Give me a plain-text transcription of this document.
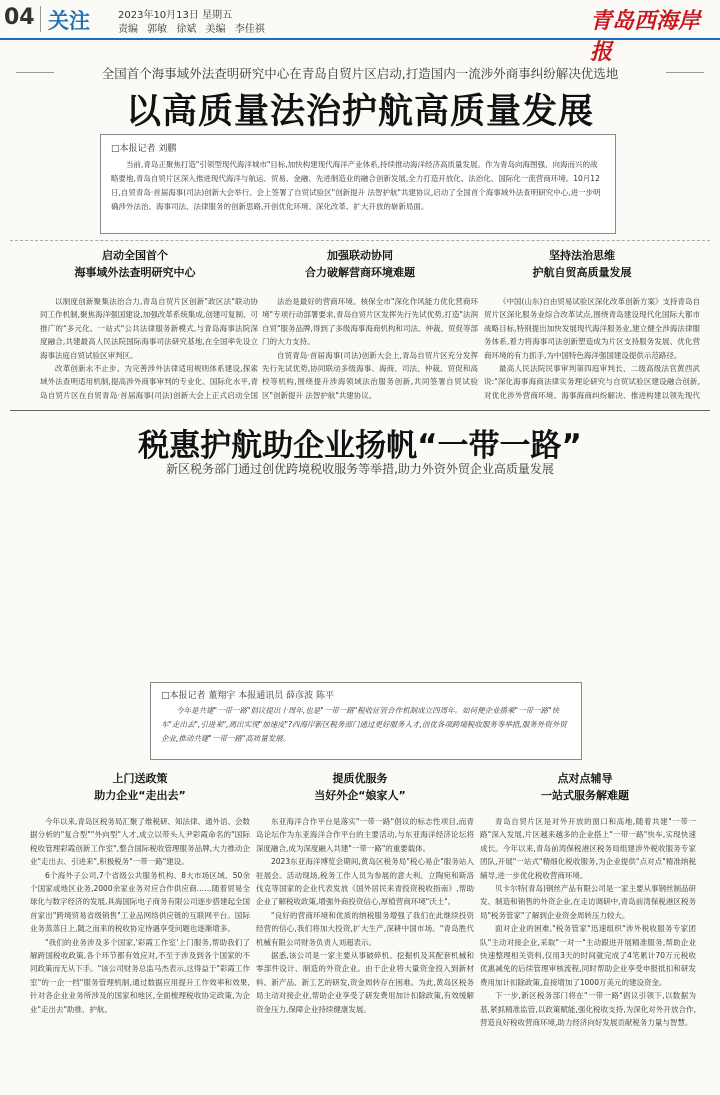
04 关注	2023年10月13日 星期五
责编 郭敏 徐斌 美编 李佳祺	青岛西海岸报
全国首个海事域外法查明研究中心在青岛自贸片区启动,打造国内一流涉外商事纠纷解决优选地
以高质量法治护航高质量发展
□本报记者 刘鹏
当前,青岛正聚焦打造"引领型现代海洋城市"目标,加快构建现代海洋产业体系,持续推动海洋经济高质量发展。作为青岛向海图强、向海而兴的战略要地,青岛自贸片区深入推进现代海洋与航运、贸易、金融、先进制造业的融合创新发展,全力打造开放化、法治化、国际化一流营商环境。10月12日,自贸青岛·首届海事(司法)创新大会举行。会上签署了自贸试验区"创新提升 法智护航"共建协议,启动了全国首个海事域外法查明研究中心,进一步明确涉外法治、海事司法、法律服务的创新思路,开创优化环境、深化改革、扩大开放的崭新局面。
启动全国首个
海事域外法查明研究中心
加强联动协同
合力破解营商环境难题
坚持法治思维
护航自贸高质量发展

以制度创新聚集法治合力,青岛自贸片区创新"政区法"联动协同工作机制,聚焦海洋强国建设,加强改革系统集成,创建可复制、可推广的"多元化、一站式"公共法律服务新模式,与青岛海事法院深度融合,共建最高人民法院国际海事司法研究基地,在全国率先设立海事法庭自贸试验区审判区。

改革创新永不止步。为完善涉外法律适用规则体系建设,探索域外法查明适用机制,提高涉外商事审判的专业化、国际化水平,青岛自贸片区在自贸青岛·首届海事(司法)创新大会上正式启动全国

法治是最好的营商环境。核保全市"深化作风能力优化营商环境"专项行动部署要求,青岛自贸片区发挥先行先试优势,打造"法润自贸"服务品牌,得到了多级海事海商机构和司法、仲裁、贸促等部门的大力支持。

自贸青岛·首届海事(司法)创新大会上,青岛自贸片区充分发挥先行先试优势,协同联动多级海事、海商、司法、仲裁、贸促和高校等机构,围绕提升涉海领域法治服务创新,共同签署自贸试验区"创新提升 法智护航"共建协议。

《中国(山东)自由贸易试验区深化改革创新方案》支持青岛自贸片区深化服务业综合改革试点,围绕青岛建设现代化国际大都市战略目标,特别提出加快发展现代海洋服务业,建立健全涉海法律服务体系,着力将海事司法创新塑造成为片区支持服务发展、优化营商环境的有力抓手,为中国特色海洋强国建设提供示范路径。

最高人民法院民事审判第四庭审判长、二级高级法官黄西武说:"深化海事海商法律实务理论研究与自贸试验区建设融合创新,对优化涉外营商环境、海事海商纠纷解决、推进构建以领先现代

税惠护航助企业扬帆“一带一路”
新区税务部门通过创优跨境税收服务等举措,助力外资外贸企业高质量发展
□本报记者 董翔宇 本报通讯员 薛彦波 陈平
今年是共建"一带一路"倡议提出十周年,也是"一带一路"税收征管合作机制成立四周年。如何便企业搭乘"一带一路"快车"走出去",引进来",离出实现"加速度"?西海岸新区税务部门通过更好服务人才,创优各项跨境税收服务等举措,服务外资外贸企业,推动共建"一带一路"高质量发展。
上门送政策
助力企业“走出去”
提质优服务
当好外企“娘家人”
点对点辅导
一站式服务解难题

今年以来,青岛区税务局汇聚了维税研、知法律、通外语、会数据分析的"复合型""外向型"人才,成立以带头人尹彩霞命名的"国际税收管理彩霞创新工作室",整合国际税收管理服务品牌,大力推动企业"走出去、引进来",积极税务"一带一路"建设。

6个海外子公司,7个省级公共服务机构、8大市场区域、50余个国家或地区业务,2000余家业务对应合作供应商……随着贸易全球化与数字经济的发展,具海国际电子商务有限公司逐步搭建起全国首家出"跨境贸易省级销售"工业品网络供应链的互联网平台。国际业务蒸蒸日上,随之而来的税收协定待遇享受问题也逐渐增多。

"我们的业务涉及多个国家,'彩霞工作室'上门服务,帮助我们了解跨国税收政策,各个环节都有效应对,不至于涉及到各个国家的不同政策而无从下手。"该公司财务总监马杰表示,这得益于"彩霞工作室"的一企一档"服务管理机制,通过数据应用提升工作效率和效果,针对各企业业务所涉及的国家和地区,全面梳理税收协定政策,为企业"走出去"助推、护航。

东亚海洋合作平台是落实"一带一路"倡议的标志性项目,而青岛论坛作为东亚海洋合作平台的主要活动,与东亚海洋经济论坛将深度融合,成为深度融入共建"一带一路"的重要载体。

2023东亚海洋博览会期间,黄岛区税务局"税心易企"服务站入驻展会。活动现场,税务工作人员为参展的意大利、立陶宛和斯洛伐克等国家的企业代表发放《国外居民来青投资税收指南》,帮助企业了解税收政策,增强外商投资信心,厚植营商环境"沃土"。

"良好的营商环境和优质的纳税服务增强了我们在此继续投资经营的信心,我们将加大投资,扩大生产,深耕中国市场。"青岛胜代机械有限公司财务负责人刘超表示。

据悉,该公司是一家主要从事破碎机、挖掘机及其配套机械和零部件设计、制造的外资企业。由于企业将大量资金投入到新材料、新产品、新工艺的研发,资金周转存在困难。为此,黄岛区税务局主动对接企业,帮助企业享受了研发费用加计扣除政策,有效缓解资金压力,保障企业持续健康发展。

青岛自贸片区是对外开放的窗口和高地,随着共建"一带一路"深入发展,片区越来越多的企业搭上"一带一路"快车,实现快速成长。今年以来,青岛前湾保税港区税务局组建涉外税收服务专家团队,开展"一站式"精细化税收服务,为企业提供"点对点"精准纳税辅导,进一步优化税收营商环境。

贝卡尔特(青岛)钢丝产品有限公司是一家主要从事钢丝制品研发、制造和销售的外资企业,在走访调研中,青岛前湾保税港区税务局"税务管家"了解到企业资金周转压力较大。

面对企业的困难,"税务管家"迅速组织"涉外税收服务专家团队"主动对接企业,采取"一对一"主动跟进开展精准服务,帮助企业快速整理相关资料,仅用3天的时间就完成了4笔累计70万元税收优惠减免的后续管理审核流程,同时帮助企业享受申报抵扣和研发费用加计扣除政策,直接增加了1000万美元的建设资金。

下一步,新区税务部门将在"一带一路"倡议引领下,以数据为基,紧抓精准监管,以政策赋能,强化税收支持,为深化对外开放合作,营造良好税收营商环境,助力经济向好发展贡献税务力量与智慧。
